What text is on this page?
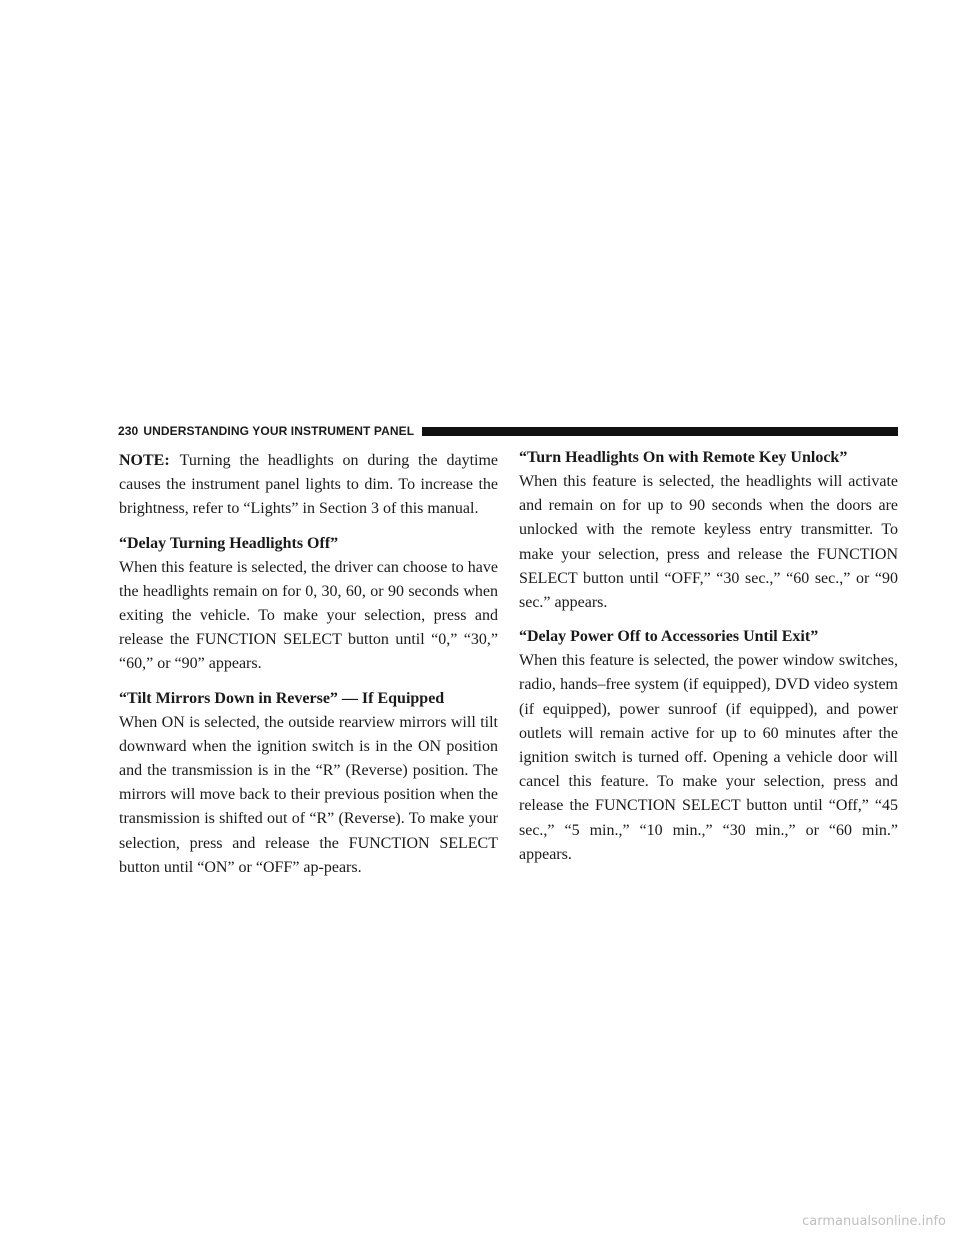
230 UNDERSTANDING YOUR INSTRUMENT PANEL

NOTE: Turning the headlights on during the daytime causes the instrument panel lights to dim. To increase the brightness, refer to “Lights” in Section 3 of this manual.

“Delay Turning Headlights Off”

When this feature is selected, the driver can choose to have the headlights remain on for 0, 30, 60, or 90 seconds when exiting the vehicle. To make your selection, press and release the FUNCTION SELECT button until “0,” “30,” “60,” or “90” appears.

“Tilt Mirrors Down in Reverse” — If Equipped

When ON is selected, the outside rearview mirrors will tilt downward when the ignition switch is in the ON position and the transmission is in the “R” (Reverse) position. The mirrors will move back to their previous position when the transmission is shifted out of “R” (Reverse). To make your selection, press and release the FUNCTION SELECT button until “ON” or “OFF” ap-pears.

“Turn Headlights On with Remote Key Unlock”

When this feature is selected, the headlights will activate and remain on for up to 90 seconds when the doors are unlocked with the remote keyless entry transmitter. To make your selection, press and release the FUNCTION SELECT button until “OFF,” “30 sec.,” “60 sec.,” or “90 sec.” appears.

“Delay Power Off to Accessories Until Exit”

When this feature is selected, the power window switches, radio, hands–free system (if equipped), DVD video system (if equipped), power sunroof (if equipped), and power outlets will remain active for up to 60 minutes after the ignition switch is turned off. Opening a vehicle door will cancel this feature. To make your selection, press and release the FUNCTION SELECT button until “Off,” “45 sec.,” “5 min.,” “10 min.,” “30 min.,” or “60 min.” appears.

carmanualsonline.info
